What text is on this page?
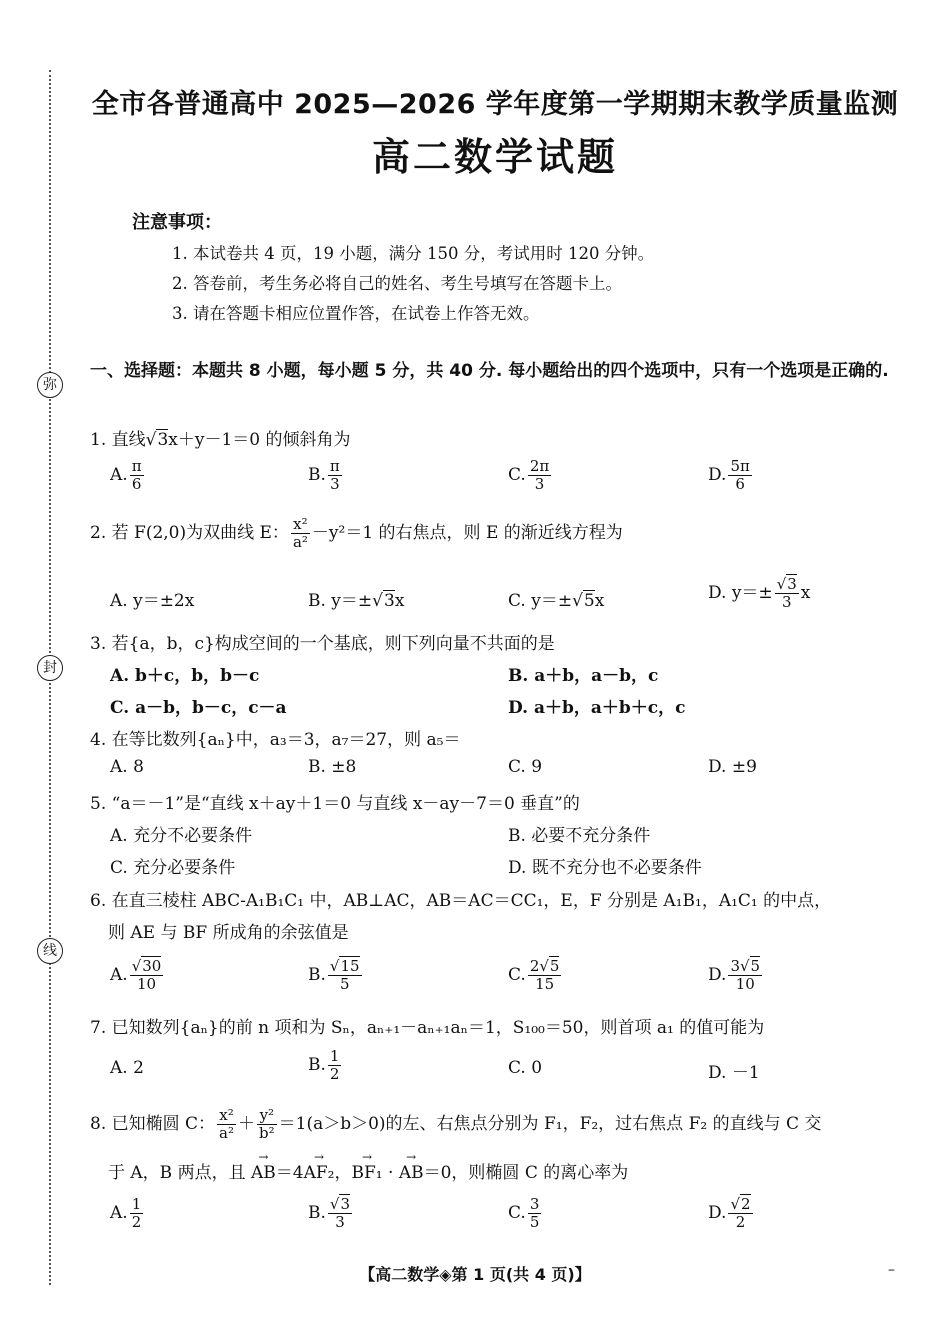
弥
封
线
全市各普通高中 2025—2026 学年度第一学期期末教学质量监测
高二数学试题
注意事项：
1. 本试卷共 4 页，19 小题，满分 150 分，考试用时 120 分钟。
2. 答卷前，考生务必将自己的姓名、考生号填写在答题卡上。
3. 请在答题卡相应位置作答，在试卷上作答无效。
一、选择题：本题共 8 小题，每小题 5 分，共 40 分. 每小题给出的四个选项中，只有一个选项是正确的.
1. 直线√3x＋y－1＝0 的倾斜角为
A. $\frac{\pi}{6}$	B. $\frac{\pi}{3}$	C. $\frac{2\pi}{3}$	D. $\frac{5\pi}{6}$
2. 若 F(2,0)为双曲线 E： $\frac{\text{x²}}{\text{a²}} -y^2=1$ 的右焦点，则 E 的渐近线方程为
A. y＝±2x	B. y＝±√3x	C. y＝±√5x	D. $y=\pm \frac{√3}{3}$ x
3. 若{a，b，c}构成空间的一个基底，则下列向量不共面的是
A. b＋c，b，b－c	B. a＋b，a－b，c
C. a－b，b－c，c－a	D. a＋b，a＋b＋c，c
4. 在等比数列{aₙ}中，a₃＝3，a₇＝27，则 a₅＝
A. 8	B. ±8	C. 9	D. ±9
5. “a＝－1”是“直线 x＋ay＋1＝0 与直线 x－ay－7＝0 垂直”的
A. 充分不必要条件	B. 必要不充分条件
C. 充分必要条件	D. 既不充分也不必要条件
6. 在直三棱柱 ABC-A₁B₁C₁ 中，AB⊥AC，AB＝AC＝CC₁，E，F 分别是 A₁B₁，A₁C₁ 的中点，
则 AE 与 BF 所成角的余弦值是
A. $\frac{√30}{10}$	B. $\frac{√15}{5}$	C. $\frac{2√5}{15}$	D. $\frac{3√5}{10}$
7. 已知数列{aₙ}的前 n 项和为 Sₙ，aₙ₊₁－aₙ₊₁aₙ＝1，S₁₀₀＝50，则首项 a₁ 的值可能为
A. 2	B. $\frac{1}{2}$	C. 0	D. －1
8. 已知椭圆 C： $\frac{\text{x²}}{\text{a²}} + \frac{\text{y²}}{\text{b²}} =1(a>b>0)$的左、右焦点分别为 F₁，F₂，过右焦点 F₂ 的直线与 C 交
于 A，B 两点，且 → AB＝4→ AF₂，→ BF₁ · → AB＝0，则椭圆 C 的离心率为
A. $\frac{1}{2}$	B. $\frac{√3}{3}$	C. $\frac{3}{5}$	D. $\frac{√2}{2}$
【高二数学◈第 1 页(共 4 页)】	–
